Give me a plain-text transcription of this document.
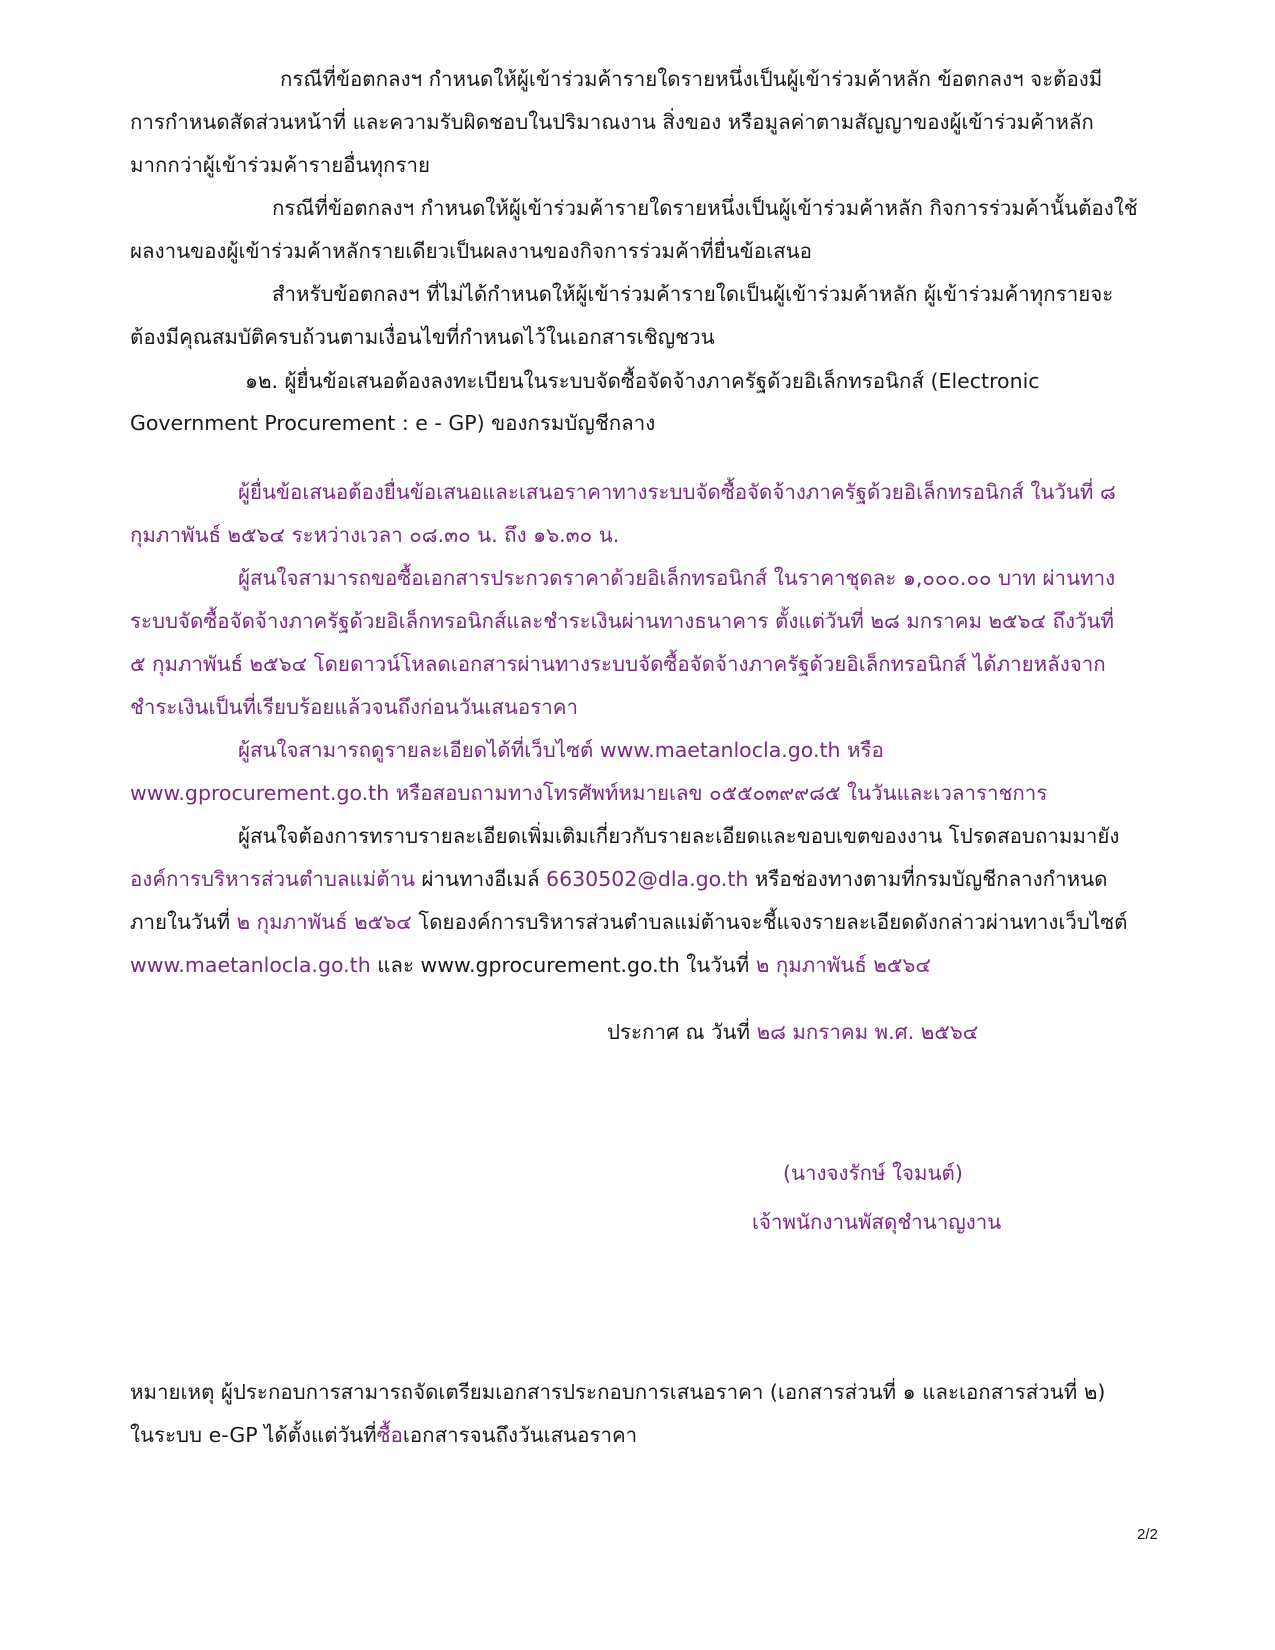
กรณีที่ข้อตกลงฯ กำหนดให้ผู้เข้าร่วมค้ารายใดรายหนึ่งเป็นผู้เข้าร่วมค้าหลัก ข้อตกลงฯ จะต้องมี
การกำหนดสัดส่วนหน้าที่ และความรับผิดชอบในปริมาณงาน สิ่งของ หรือมูลค่าตามสัญญาของผู้เข้าร่วมค้าหลัก
มากกว่าผู้เข้าร่วมค้ารายอื่นทุกราย
กรณีที่ข้อตกลงฯ กำหนดให้ผู้เข้าร่วมค้ารายใดรายหนึ่งเป็นผู้เข้าร่วมค้าหลัก กิจการร่วมค้านั้นต้องใช้
ผลงานของผู้เข้าร่วมค้าหลักรายเดียวเป็นผลงานของกิจการร่วมค้าที่ยื่นข้อเสนอ
สำหรับข้อตกลงฯ ที่ไม่ได้กำหนดให้ผู้เข้าร่วมค้ารายใดเป็นผู้เข้าร่วมค้าหลัก ผู้เข้าร่วมค้าทุกรายจะ
ต้องมีคุณสมบัติครบถ้วนตามเงื่อนไขที่กำหนดไว้ในเอกสารเชิญชวน
๑๒. ผู้ยื่นข้อเสนอต้องลงทะเบียนในระบบจัดซื้อจัดจ้างภาครัฐด้วยอิเล็กทรอนิกส์ (Electronic
Government Procurement : e - GP) ของกรมบัญชีกลาง
ผู้ยื่นข้อเสนอต้องยื่นข้อเสนอและเสนอราคาทางระบบจัดซื้อจัดจ้างภาครัฐด้วยอิเล็กทรอนิกส์ ในวันที่ ๘
กุมภาพันธ์ ๒๕๖๔ ระหว่างเวลา ๐๘.๓๐ น. ถึง ๑๖.๓๐ น.
ผู้สนใจสามารถขอซื้อเอกสารประกวดราคาด้วยอิเล็กทรอนิกส์ ในราคาชุดละ ๑,๐๐๐.๐๐ บาท ผ่านทาง
ระบบจัดซื้อจัดจ้างภาครัฐด้วยอิเล็กทรอนิกส์และชำระเงินผ่านทางธนาคาร ตั้งแต่วันที่ ๒๘ มกราคม ๒๕๖๔ ถึงวันที่
๕ กุมภาพันธ์ ๒๕๖๔ โดยดาวน์โหลดเอกสารผ่านทางระบบจัดซื้อจัดจ้างภาครัฐด้วยอิเล็กทรอนิกส์ ได้ภายหลังจาก
ชำระเงินเป็นที่เรียบร้อยแล้วจนถึงก่อนวันเสนอราคา
ผู้สนใจสามารถดูรายละเอียดได้ที่เว็บไซต์ www.maetanlocla.go.th หรือ
www.gprocurement.go.th หรือสอบถามทางโทรศัพท์หมายเลข ๐๕๕๐๓๙๙๘๕ ในวันและเวลาราชการ
ผู้สนใจต้องการทราบรายละเอียดเพิ่มเติมเกี่ยวกับรายละเอียดและขอบเขตของงาน โปรดสอบถามมายัง
องค์การบริหารส่วนตำบลแม่ต้าน ผ่านทางอีเมล์ 6630502@dla.go.th หรือช่องทางตามที่กรมบัญชีกลางกำหนด
ภายในวันที่ ๒ กุมภาพันธ์ ๒๕๖๔ โดยองค์การบริหารส่วนตำบลแม่ต้านจะชี้แจงรายละเอียดดังกล่าวผ่านทางเว็บไซต์
www.maetanlocla.go.th และ www.gprocurement.go.th ในวันที่ ๒ กุมภาพันธ์ ๒๕๖๔
ประกาศ ณ วันที่ ๒๘ มกราคม พ.ศ. ๒๕๖๔
(นางจงรักษ์ ใจมนต์)
เจ้าพนักงานพัสดุชำนาญงาน
หมายเหตุ ผู้ประกอบการสามารถจัดเตรียมเอกสารประกอบการเสนอราคา (เอกสารส่วนที่ ๑ และเอกสารส่วนที่ ๒)
ในระบบ e-GP ได้ตั้งแต่วันที่ซื้อเอกสารจนถึงวันเสนอราคา
2/2
